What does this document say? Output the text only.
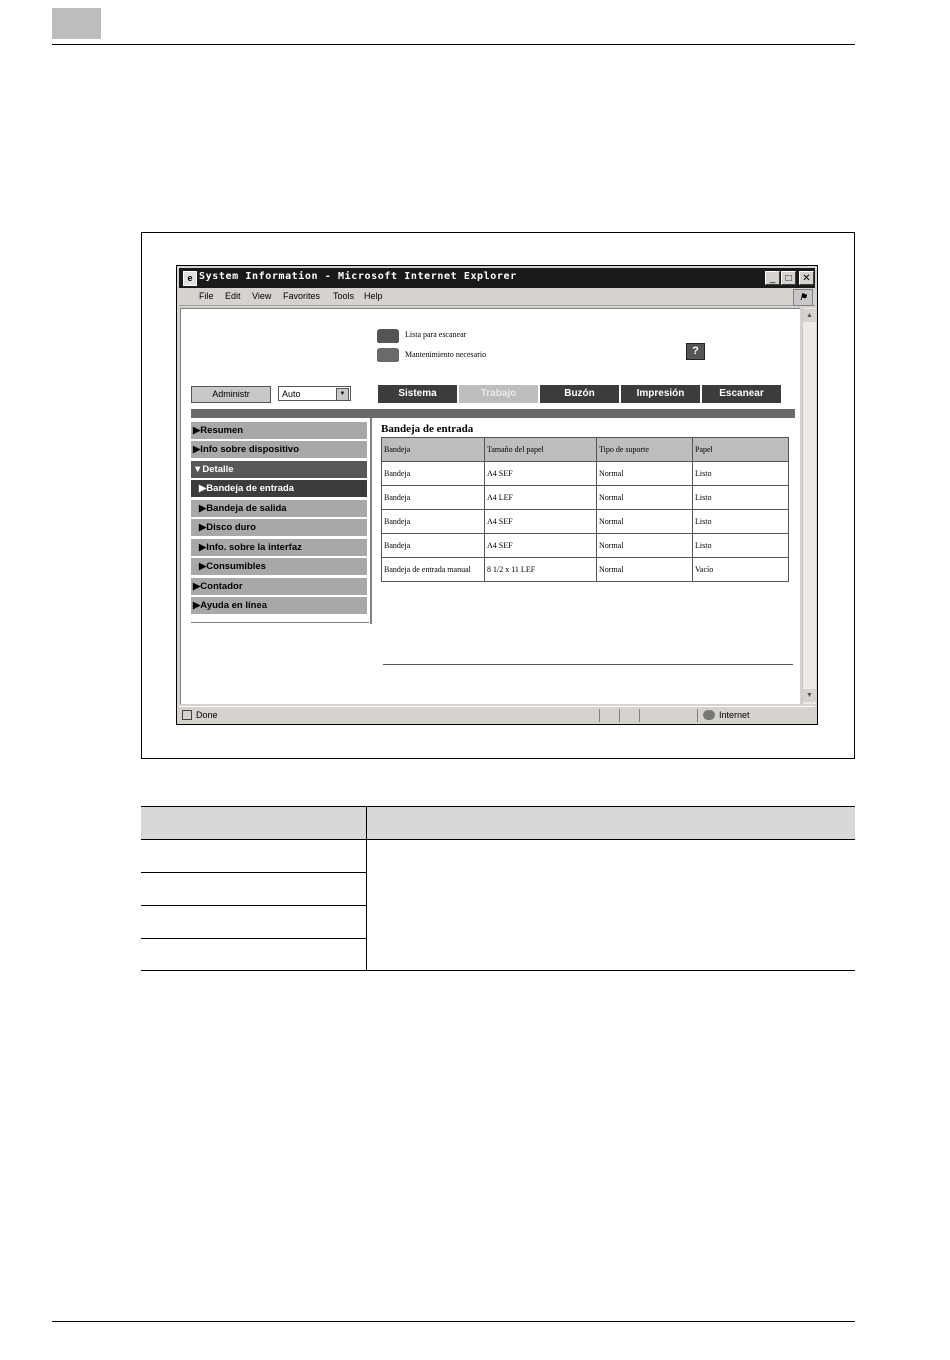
e System Information - Microsoft Internet Explorer	_	□	✕
File Edit View Favorites Tools Help	⚑
Lista para escanear
Mantenimiento necesario	?
Administr	Auto	▼	Sistema	Trabajo	Buzón	Impresión	Escanear
▶Resumen
▶Info sobre dispositivo
▼Detalle
▶Bandeja de entrada
▶Bandeja de salida
▶Disco duro
▶Info. sobre la interfaz
▶Consumibles
▶Contador
▶Ayuda en línea
Bandeja de entrada
Bandeja	Tamaño del papel	Tipo de suporte	Papel
Bandeja	A4 SEF	Normal	Listo
Bandeja	A4 LEF	Normal	Listo
Bandeja	A4 SEF	Normal	Listo
Bandeja	A4 SEF	Normal	Listo
Bandeja de entrada manual	8 1/2 x 11 LEF	Normal	Vacío
▲
▼
Done	Internet
